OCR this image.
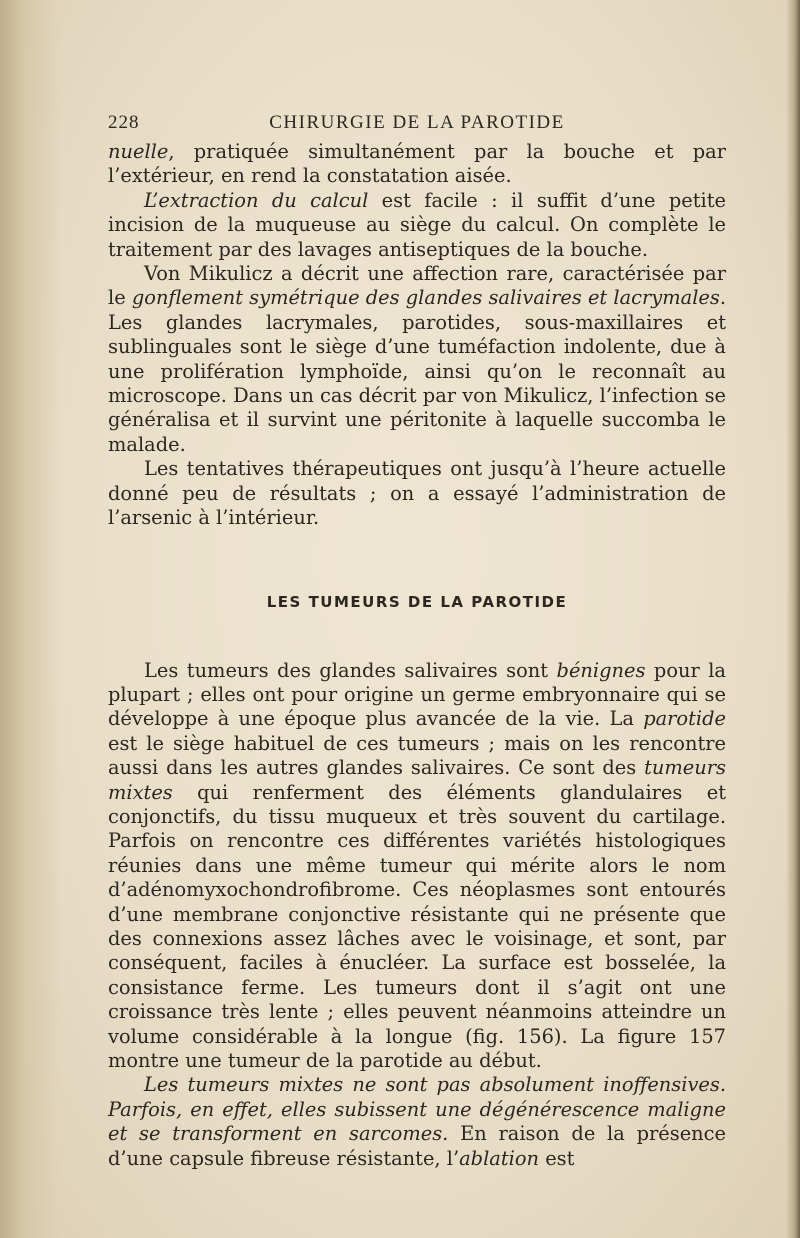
228	CHIRURGIE DE LA PAROTIDE

nuelle, pratiquée simultanément par la bouche et par l’extérieur, en rend la constatation aisée.

L’extraction du calcul est facile : il suffit d’une petite incision de la muqueuse au siège du calcul. On complète le traitement par des lavages antiseptiques de la bouche.

Von Mikulicz a décrit une affection rare, caractérisée par le gonflement symétrique des glandes salivaires et lacrymales. Les glandes lacrymales, parotides, sous-maxillaires et sublinguales sont le siège d’une tuméfaction indolente, due à une prolifération lymphoïde, ainsi qu’on le reconnaît au microscope. Dans un cas décrit par von Mikulicz, l’infection se généralisa et il survint une péritonite à laquelle succomba le malade.

Les tentatives thérapeutiques ont jusqu’à l’heure actuelle donné peu de résultats ; on a essayé l’administration de l’arsenic à l’intérieur.

LES TUMEURS DE LA PAROTIDE

Les tumeurs des glandes salivaires sont bénignes pour la plupart ; elles ont pour origine un germe embryonnaire qui se développe à une époque plus avancée de la vie. La parotide est le siège habituel de ces tumeurs ; mais on les rencontre aussi dans les autres glandes salivaires. Ce sont des tumeurs mixtes qui renferment des éléments glandulaires et conjonctifs, du tissu muqueux et très souvent du cartilage. Parfois on rencontre ces différentes variétés histologiques réunies dans une même tumeur qui mérite alors le nom d’adénomyxochondrofibrome. Ces néoplasmes sont entourés d’une membrane conjonctive résistante qui ne présente que des connexions assez lâches avec le voisinage, et sont, par conséquent, faciles à énucléer. La surface est bosselée, la consistance ferme. Les tumeurs dont il s’agit ont une croissance très lente ; elles peuvent néanmoins atteindre un volume considérable à la longue (fig. 156). La figure 157 montre une tumeur de la parotide au début.

Les tumeurs mixtes ne sont pas absolument inoffensives. Parfois, en effet, elles subissent une dégénérescence maligne et se transforment en sarcomes. En raison de la présence d’une capsule fibreuse résistante, l’ablation est
